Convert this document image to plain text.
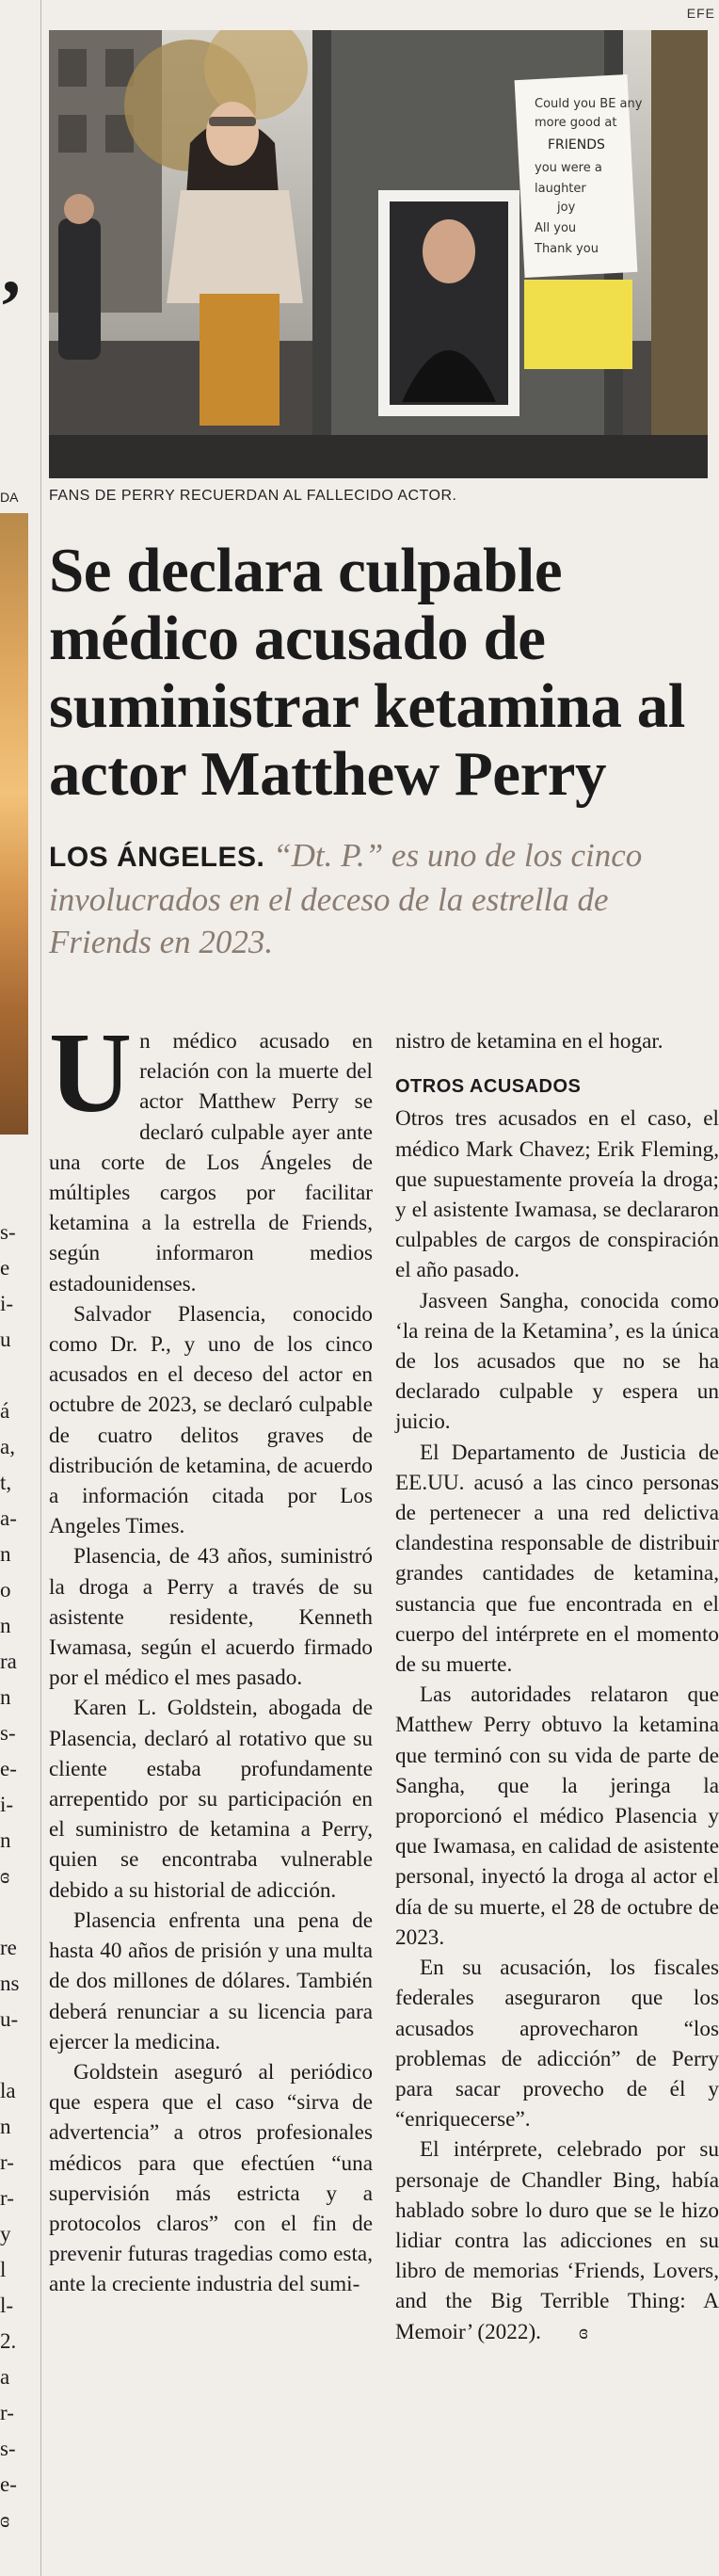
,
DA
s-
e
i-
u
á
a,
t,
a-
n
o
n
ra
n
s-
e-
i-
n
ɞ
re
ns
u-
la
n
r-
r-
y
l
l-
2.
a
r-
s-
e-
ɞ
EFE
Could you BE any
more good at
FRIENDS
you were a
laughter
joy
All you
Thank you
FANS DE PERRY RECUERDAN AL FALLECIDO ACTOR.
Se declara culpable médico acusado de suministrar ketamina al actor Matthew Perry
LOS ÁNGELES. “Dt. P.” es uno de los cinco involucrados en el deceso de la estrella de Friends en 2023.

Un médico acusado en relación con la muerte del actor Matthew Perry se declaró culpable ayer ante una corte de Los Ángeles de múltiples cargos por facilitar ketamina a la estrella de Friends, según informaron medios estadounidenses.

Salvador Plasencia, conocido como Dr. P., y uno de los cinco acusados en el deceso del actor en octubre de 2023, se declaró culpable de cuatro delitos graves de distribución de ketamina, de acuerdo a información citada por Los Angeles Times.

Plasencia, de 43 años, suministró la droga a Perry a través de su asistente residente, Kenneth Iwamasa, según el acuerdo firmado por el médico el mes pasado.

Karen L. Goldstein, abogada de Plasencia, declaró al rotativo que su cliente estaba profundamente arrepentido por su participación en el suministro de ketamina a Perry, quien se encontraba vulnerable debido a su historial de adicción.

Plasencia enfrenta una pena de hasta 40 años de prisión y una multa de dos millones de dólares. También deberá renunciar a su licencia para ejercer la medicina.

Goldstein aseguró al periódico que espera que el caso “sirva de advertencia” a otros profesionales médicos para que efectúen “una supervisión más estricta y a protocolos claros” con el fin de prevenir futuras tragedias como esta, ante la creciente industria del sumi-

nistro de ketamina en el hogar.

OTROS ACUSADOS

Otros tres acusados en el caso, el médico Mark Chavez; Erik Fleming, que supuestamente proveía la droga; y el asistente Iwamasa, se declararon culpables de cargos de conspiración el año pasado.

Jasveen Sangha, conocida como ‘la reina de la Ketamina’, es la única de los acusados que no se ha declarado culpable y espera un juicio.

El Departamento de Justicia de EE.UU. acusó a las cinco personas de pertenecer a una red delictiva clandestina responsable de distribuir grandes cantidades de ketamina, sustancia que fue encontrada en el cuerpo del intérprete en el momento de su muerte.

Las autoridades relataron que Matthew Perry obtuvo la ketamina que terminó con su vida de parte de Sangha, que la jeringa la proporcionó el médico Plasencia y que Iwamasa, en calidad de asistente personal, inyectó la droga al actor el día de su muerte, el 28 de octubre de 2023.

En su acusación, los fiscales federales aseguraron que los acusados aprovecharon “los problemas de adicción” de Perry para sacar provecho de él y “enriquecerse”.

El intérprete, celebrado por su personaje de Chandler Bing, había hablado sobre lo duro que se le hizo lidiar contra las adicciones en su libro de memorias ‘Friends, Lovers, and the Big Terrible Thing: A Memoir’ (2022). ɞ
